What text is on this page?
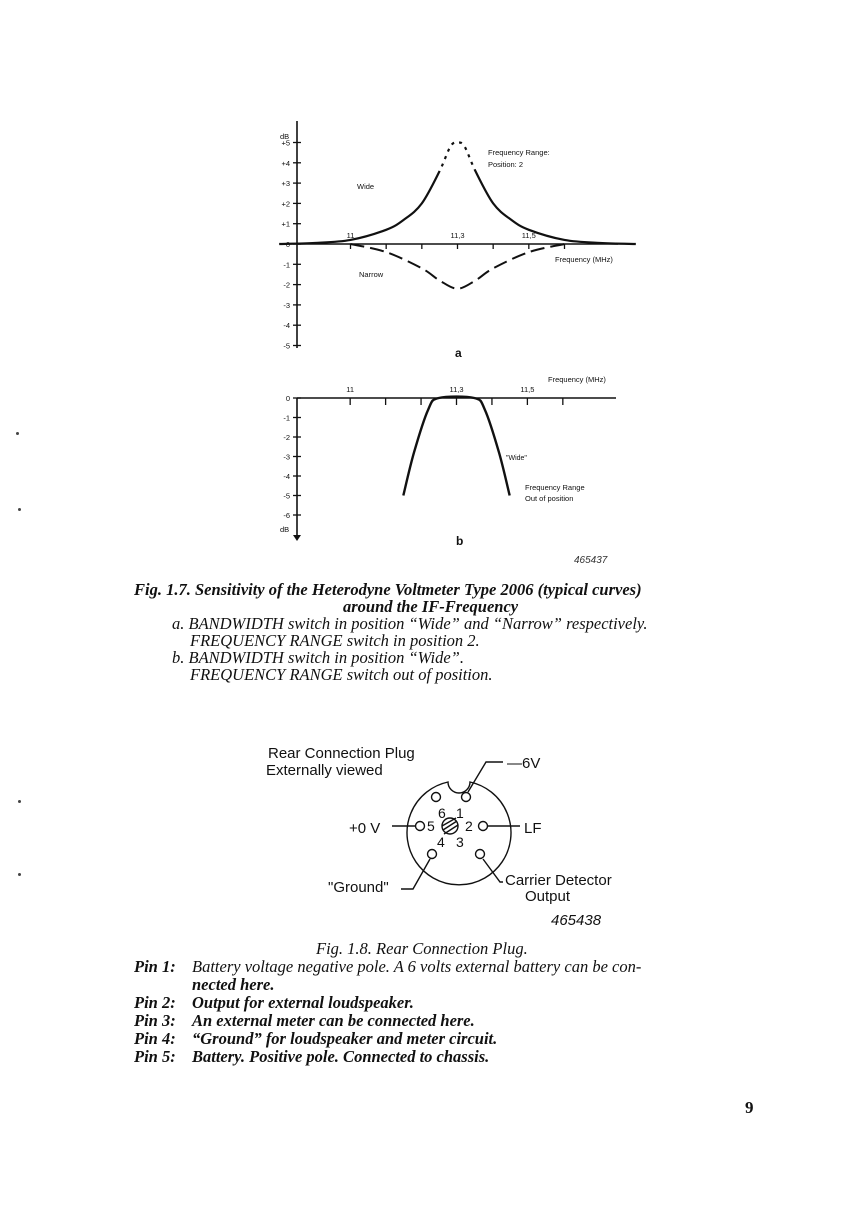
+5
+4
+3
+2
+1
0
-1
-2
-3
-4
-5
11	11,3	11,5
dB
Frequency (MHz)
Frequency Range:
Position: 2
Wide
Narrow
a
0
-1
-2
-3
-4
-5
-6
11	11,3	11,5
dB
Frequency (MHz)
"Wide"
Frequency Range
Out of position
b
465437
Fig. 1.7. Sensitivity of the Heterodyne Voltmeter Type 2006 (typical curves)
around the IF-Frequency
a. BANDWIDTH switch in position “Wide” and “Narrow” respectively.
FREQUENCY RANGE switch in position 2.
b. BANDWIDTH switch in position “Wide”.
FREQUENCY RANGE switch out of position.
Rear Connection Plug
Externally viewed	—6V
+0 V	LF
"Ground"	Carrier Detector
Output
465438
6 1
5 2
4 3
Fig. 1.8. Rear Connection Plug.
Pin 1: Battery voltage negative pole. A 6 volts external battery can be con-
nected here.
Pin 2: Output for external loudspeaker.
Pin 3: An external meter can be connected here.
Pin 4: “Ground” for loudspeaker and meter circuit.
Pin 5: Battery. Positive pole. Connected to chassis.
9
